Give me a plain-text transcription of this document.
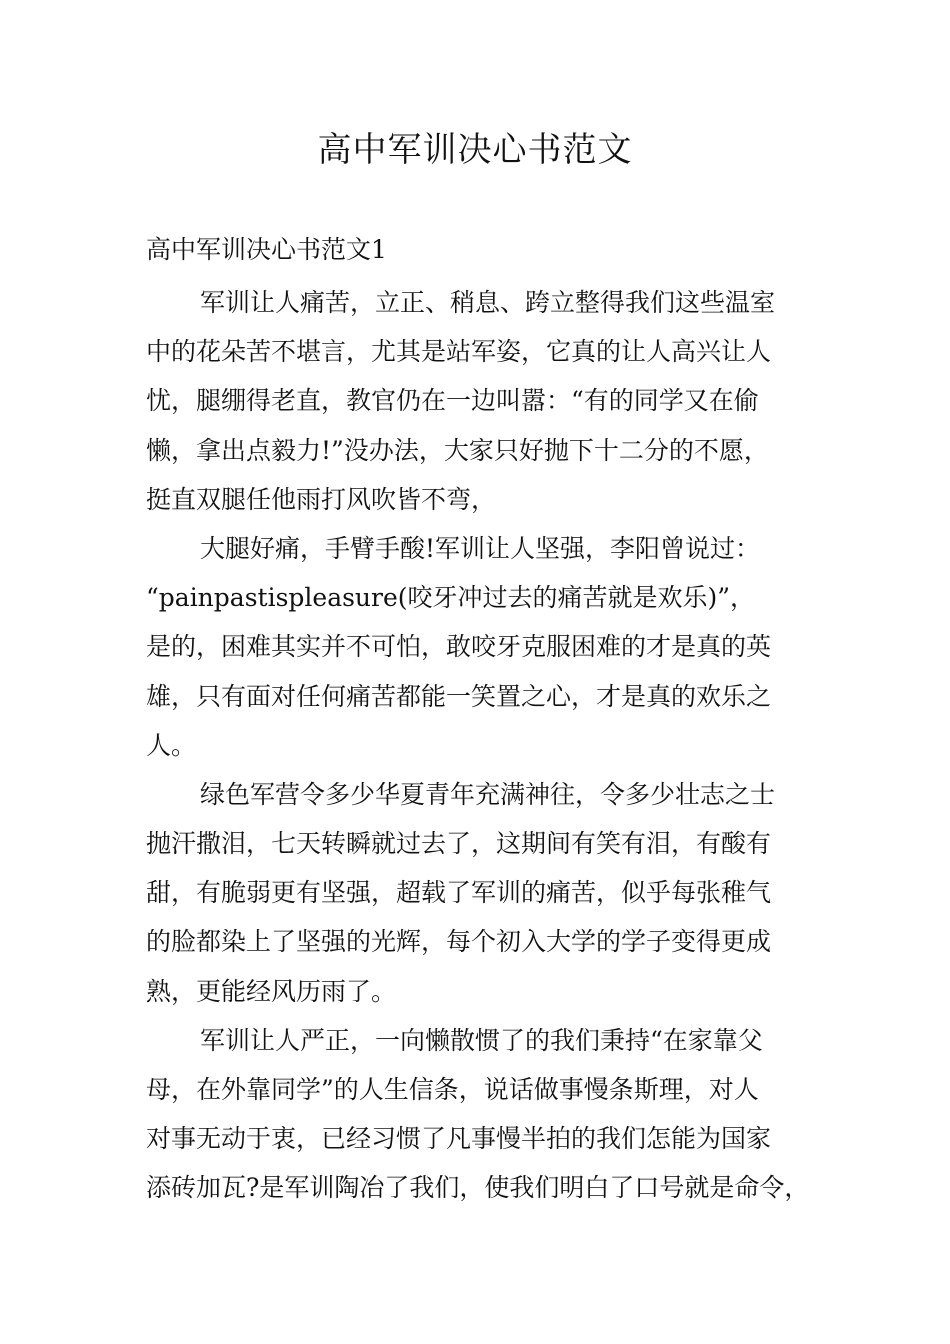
高中军训决心书范文
高中军训决心书范文1

军训让人痛苦，立正、稍息、跨立整得我们这些温室
中的花朵苦不堪言，尤其是站军姿，它真的让人高兴让人
忧，腿绷得老直，教官仍在一边叫嚣：“有的同学又在偷
懒，拿出点毅力!”没办法，大家只好抛下十二分的不愿，
挺直双腿任他雨打风吹皆不弯，

大腿好痛，手臂手酸!军训让人坚强，李阳曾说过：
“painpastispleasure(咬牙冲过去的痛苦就是欢乐)”，
是的，困难其实并不可怕，敢咬牙克服困难的才是真的英
雄，只有面对任何痛苦都能一笑置之心，才是真的欢乐之
人。

绿色军营令多少华夏青年充满神往，令多少壮志之士
抛汗撒泪，七天转瞬就过去了，这期间有笑有泪，有酸有
甜，有脆弱更有坚强，超载了军训的痛苦，似乎每张稚气
的脸都染上了坚强的光辉，每个初入大学的学子变得更成
熟，更能经风历雨了。

军训让人严正，一向懒散惯了的我们秉持“在家靠父
母，在外靠同学”的人生信条，说话做事慢条斯理，对人
对事无动于衷，已经习惯了凡事慢半拍的我们怎能为国家
添砖加瓦?是军训陶冶了我们，使我们明白了口号就是命令，
